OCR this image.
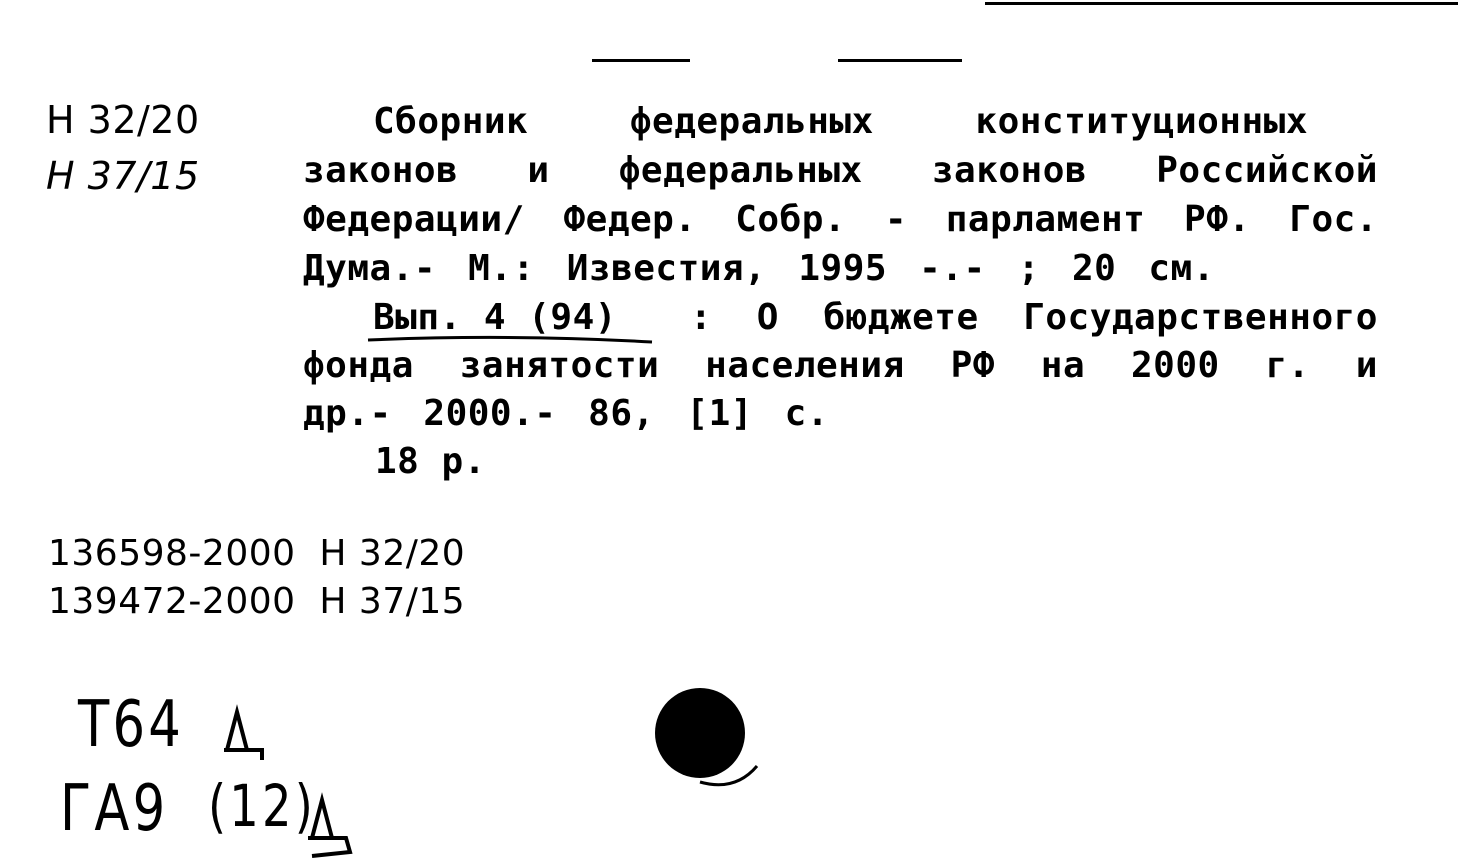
Н 32/20
Н 37/15
Сборник	федеральных	конституционных
законов и федеральных законов Российской
Федерации/ Федер. Собр. - парламент РФ. Гос.
Дума.- М.: Известия, 1995 -.- ; 20 см.
Вып. 4 (94) : О бюджете Государственного
фонда занятости населения РФ на 2000 г. и
др.- 2000.- 86, [1] с.
18 р.
136598-2000  Н 32/20
139472-2000  Н 37/15
Т64
ГА9 (12)
